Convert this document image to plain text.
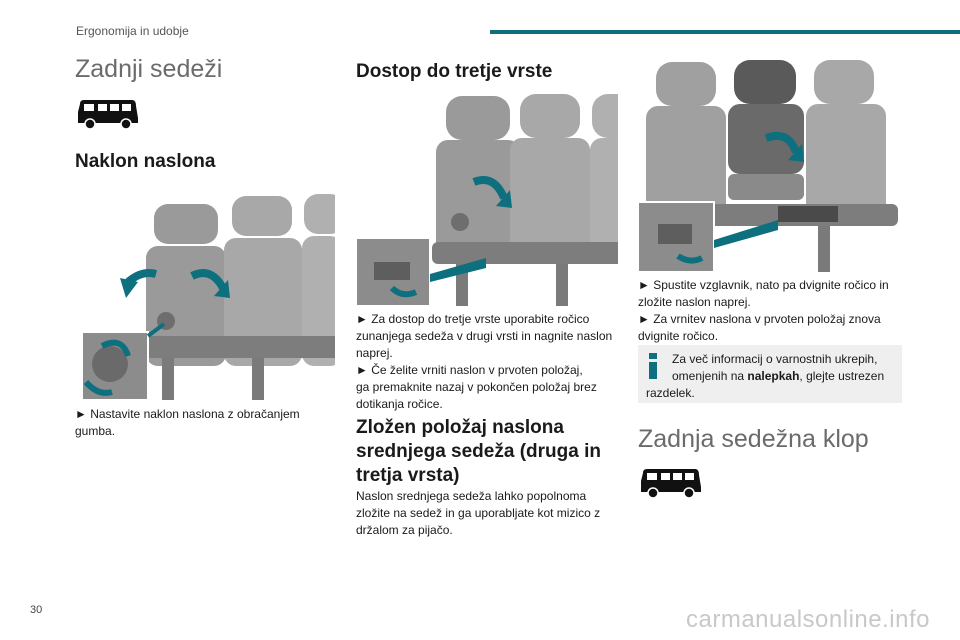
Ergonomija in udobje
Zadnji sedeži
Naklon naslona

► Nastavite naklon naslona z obračanjem

gumba.

Dostop do tretje vrste

► Za dostop do tretje vrste uporabite ročico

zunanjega sedeža v drugi vrsti in nagnite naslon

naprej.

► Če želite vrniti naslon v prvoten položaj,

ga premaknite nazaj v pokončen položaj brez

dotikanja ročice.

Zložen položaj naslona
srednjega sedeža (druga in
tretja vrsta)

Naslon srednjega sedeža lahko popolnoma

zložite na sedež in ga uporabljate kot mizico z

držalom za pijačo.

► Spustite vzglavnik, nato pa dvignite ročico in

zložite naslon naprej.

► Za vrnitev naslona v prvoten položaj znova

dvignite ročico.

Za več informacij o varnostnih ukrepih,
omenjenih na nalepkah, glejte ustrezen
razdelek.
Zadnja sedežna klop
30	carmanualsonline.info
